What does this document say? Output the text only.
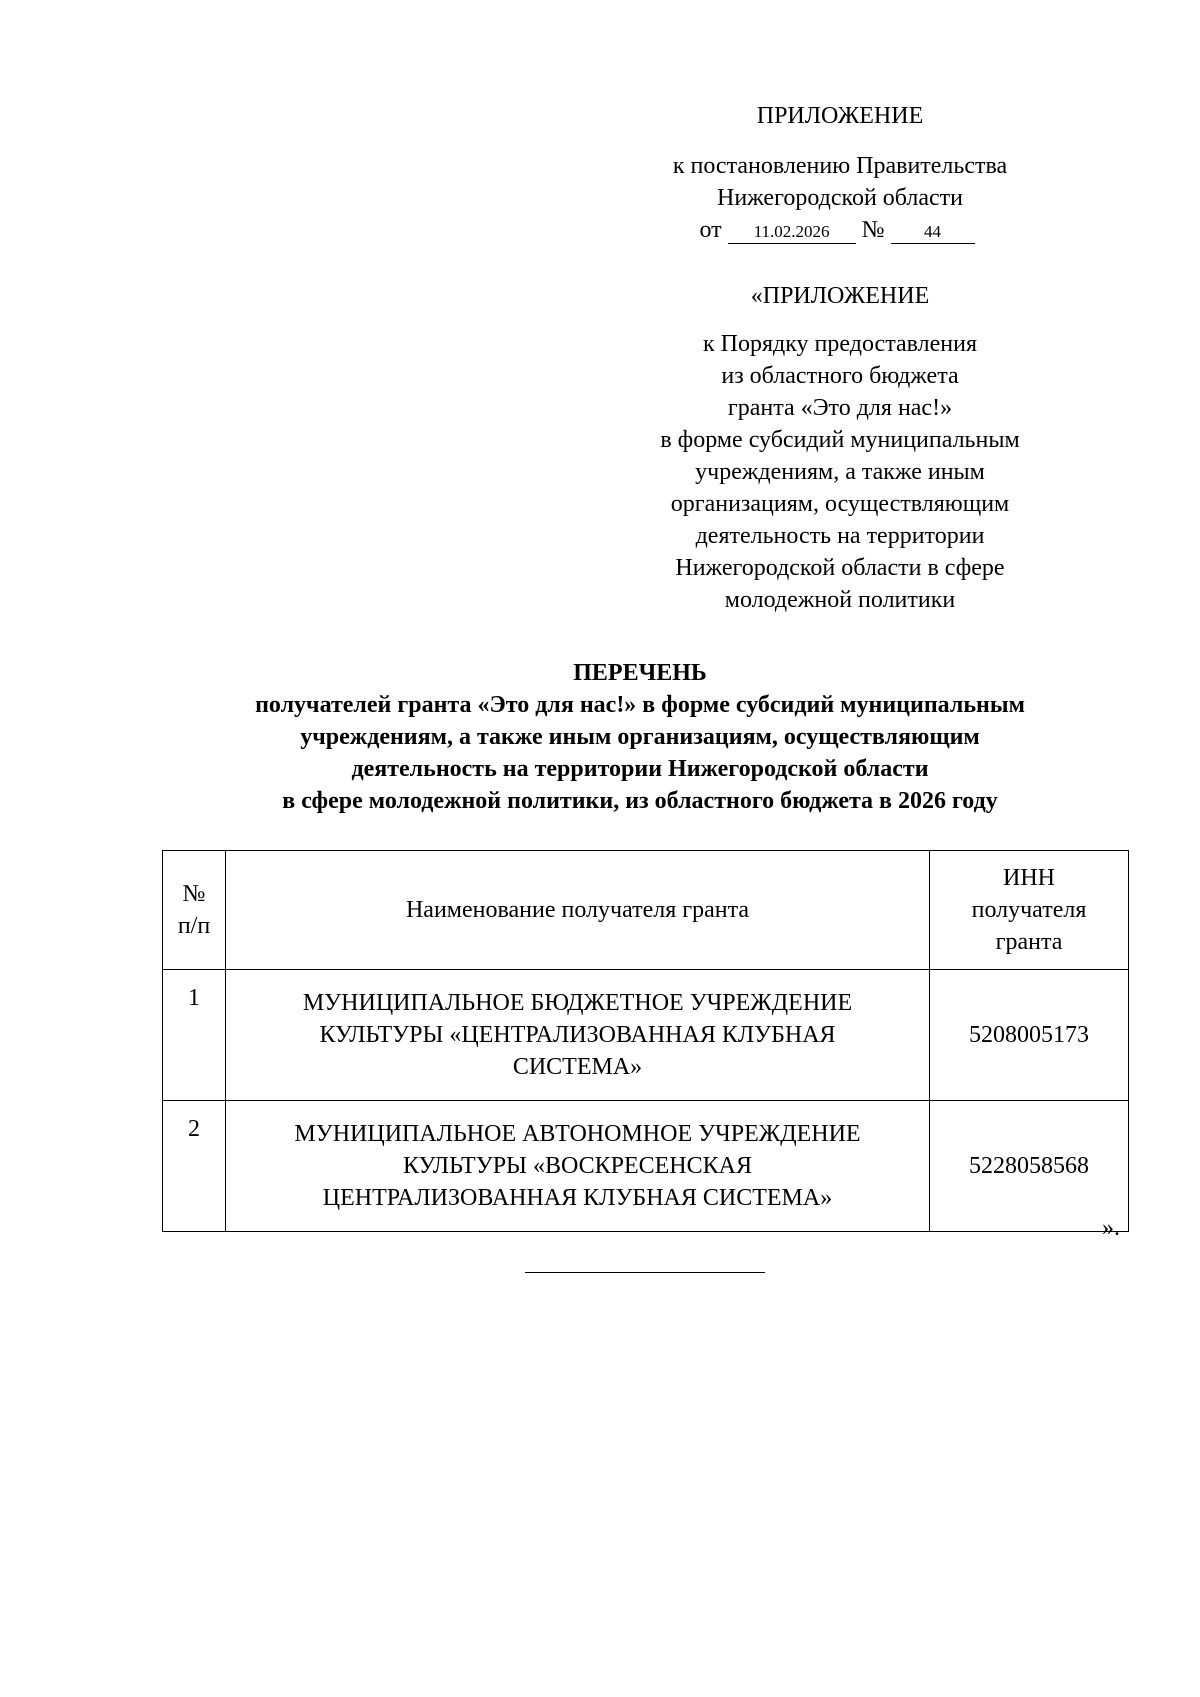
ПРИЛОЖЕНИЕ
к постановлению Правительства
Нижегородской области
от	11.02.2026	№	44
«ПРИЛОЖЕНИЕ
к Порядку предоставления
из областного бюджета
гранта «Это для нас!»
в форме субсидий муниципальным
учреждениям, а также иным
организациям, осуществляющим
деятельность на территории
Нижегородской области в сфере
молодежной политики
ПЕРЕЧЕНЬ
получателей гранта «Это для нас!» в форме субсидий муниципальным
учреждениям, а также иным организациям, осуществляющим
деятельность на территории Нижегородской области
в сфере молодежной политики, из областного бюджета в 2026 году
№
п/п	Наименование получателя гранта	ИНН
получателя
гранта

1	МУНИЦИПАЛЬНОЕ БЮДЖЕТНОЕ УЧРЕЖДЕНИЕ
КУЛЬТУРЫ «ЦЕНТРАЛИЗОВАННАЯ КЛУБНАЯ
СИСТЕМА»	5208005173
2	МУНИЦИПАЛЬНОЕ АВТОНОМНОЕ УЧРЕЖДЕНИЕ
КУЛЬТУРЫ «ВОСКРЕСЕНСКАЯ
ЦЕНТРАЛИЗОВАННАЯ КЛУБНАЯ СИСТЕМА»	5228058568
».
